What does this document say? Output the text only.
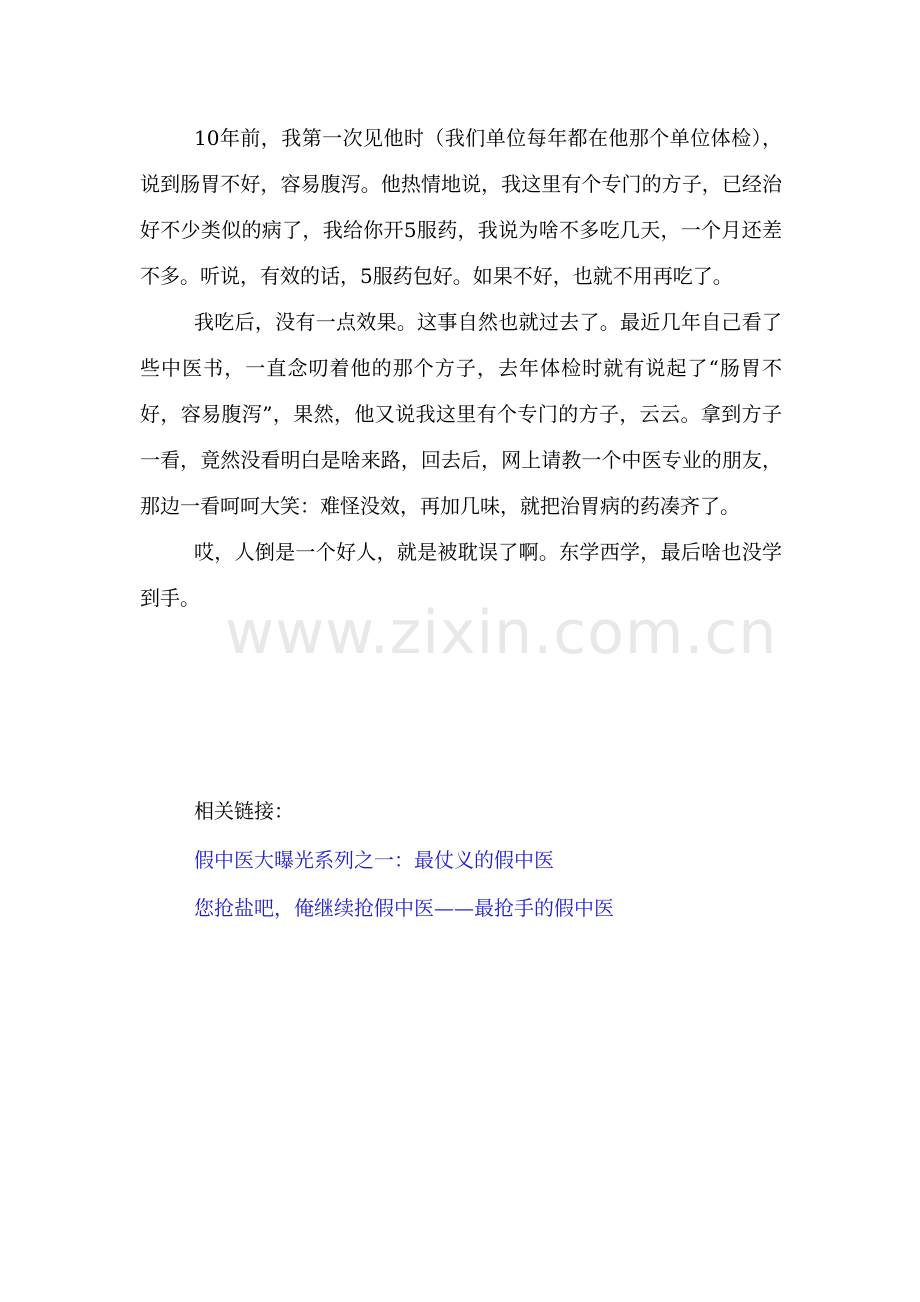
10年前，我第一次见他时（我们单位每年都在他那个单位体检），说到肠胃不好，容易腹泻。他热情地说，我这里有个专门的方子，已经治好不少类似的病了，我给你开5服药，我说为啥不多吃几天，一个月还差不多。听说，有效的话，5服药包好。如果不好，也就不用再吃了。

我吃后，没有一点效果。这事自然也就过去了。最近几年自己看了些中医书，一直念叨着他的那个方子，去年体检时就有说起了“肠胃不好，容易腹泻”，果然，他又说我这里有个专门的方子，云云。拿到方子一看，竟然没看明白是啥来路，回去后，网上请教一个中医专业的朋友，那边一看呵呵大笑：难怪没效，再加几味，就把治胃病的药凑齐了。

哎，人倒是一个好人，就是被耽误了啊。东学西学，最后啥也没学到手。

相关链接：

假中医大曝光系列之一：最仗义的假中医
您抢盐吧，俺继续抢假中医——最抢手的假中医
www.zixin.com.cn
